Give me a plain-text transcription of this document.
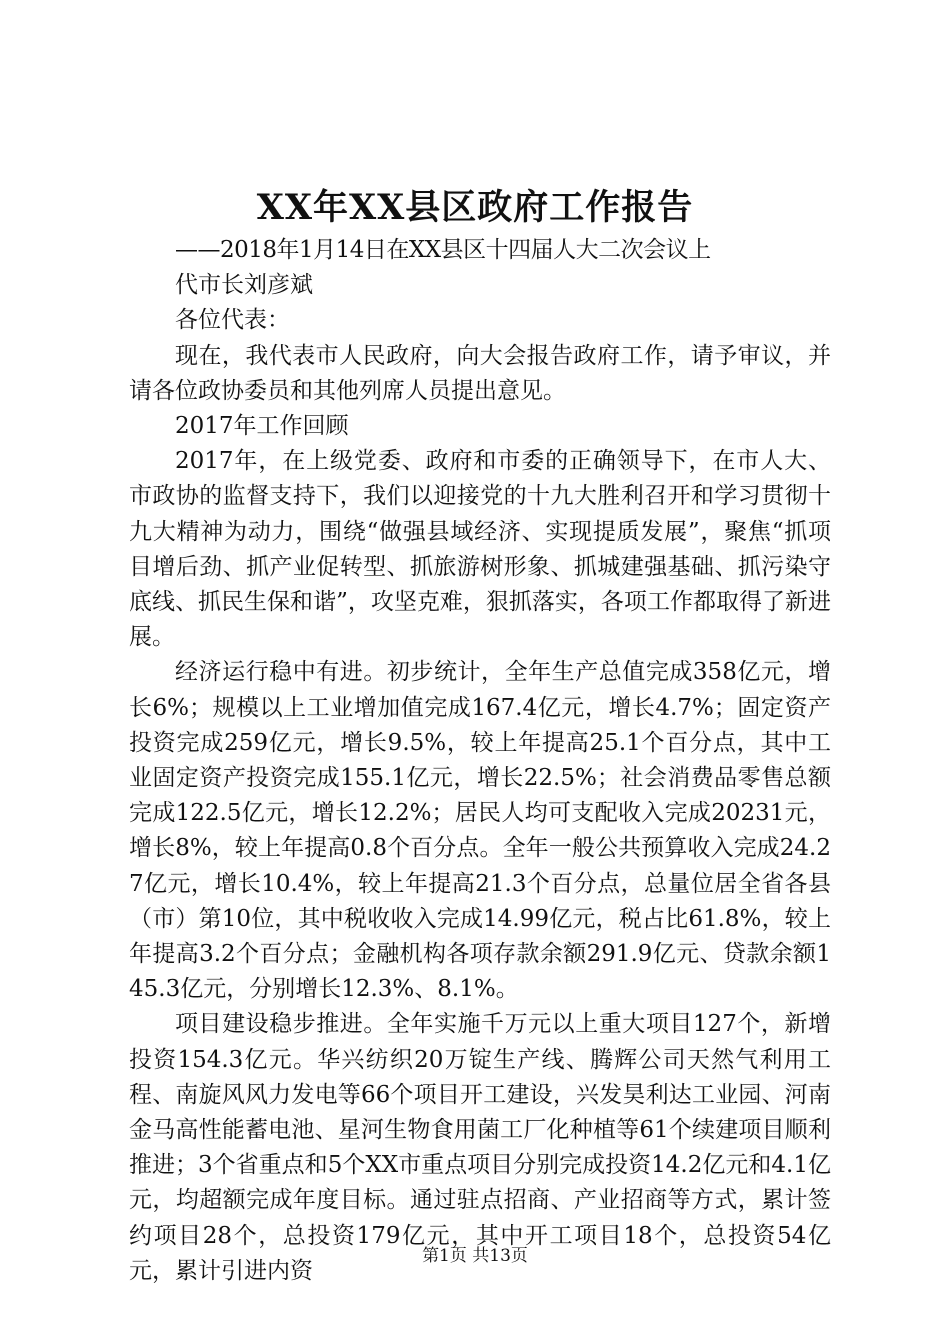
XX年XX县区政府工作报告

——2018年1月14日在XX县区十四届人大二次会议上

代市长刘彦斌

各位代表：

现在，我代表市人民政府，向大会报告政府工作，请予审议，并请各位政协委员和其他列席人员提出意见。

2017年工作回顾

2017年，在上级党委、政府和市委的正确领导下，在市人大、市政协的监督支持下，我们以迎接党的十九大胜利召开和学习贯彻十九大精神为动力，围绕“做强县域经济、实现提质发展”，聚焦“抓项目增后劲、抓产业促转型、抓旅游树形象、抓城建强基础、抓污染守底线、抓民生保和谐”，攻坚克难，狠抓落实，各项工作都取得了新进展。

经济运行稳中有进。初步统计，全年生产总值完成358亿元，增长6%；规模以上工业增加值完成167.4亿元，增长4.7%；固定资产投资完成259亿元，增长9.5%，较上年提高25.1个百分点，其中工业固定资产投资完成155.1亿元，增长22.5%；社会消费品零售总额完成122.5亿元，增长12.2%；居民人均可支配收入完成20231元，增长8%，较上年提高0.8个百分点。全年一般公共预算收入完成24.27亿元，增长10.4%，较上年提高21.3个百分点，总量位居全省各县（市）第10位，其中税收收入完成14.99亿元，税占比61.8%，较上年提高3.2个百分点；金融机构各项存款余额291.9亿元、贷款余额145.3亿元，分别增长12.3%、8.1%。

项目建设稳步推进。全年实施千万元以上重大项目127个，新增投资154.3亿元。华兴纺织20万锭生产线、腾辉公司天然气利用工程、南旋风风力发电等66个项目开工建设，兴发昊利达工业园、河南金马高性能蓄电池、星河生物食用菌工厂化种植等61个续建项目顺利推进；3个省重点和5个XX市重点项目分别完成投资14.2亿元和4.1亿元，均超额完成年度目标。通过驻点招商、产业招商等方式，累计签约项目28个，总投资179亿元，其中开工项目18个，总投资54亿元，累计引进内资

第1页 共13页
